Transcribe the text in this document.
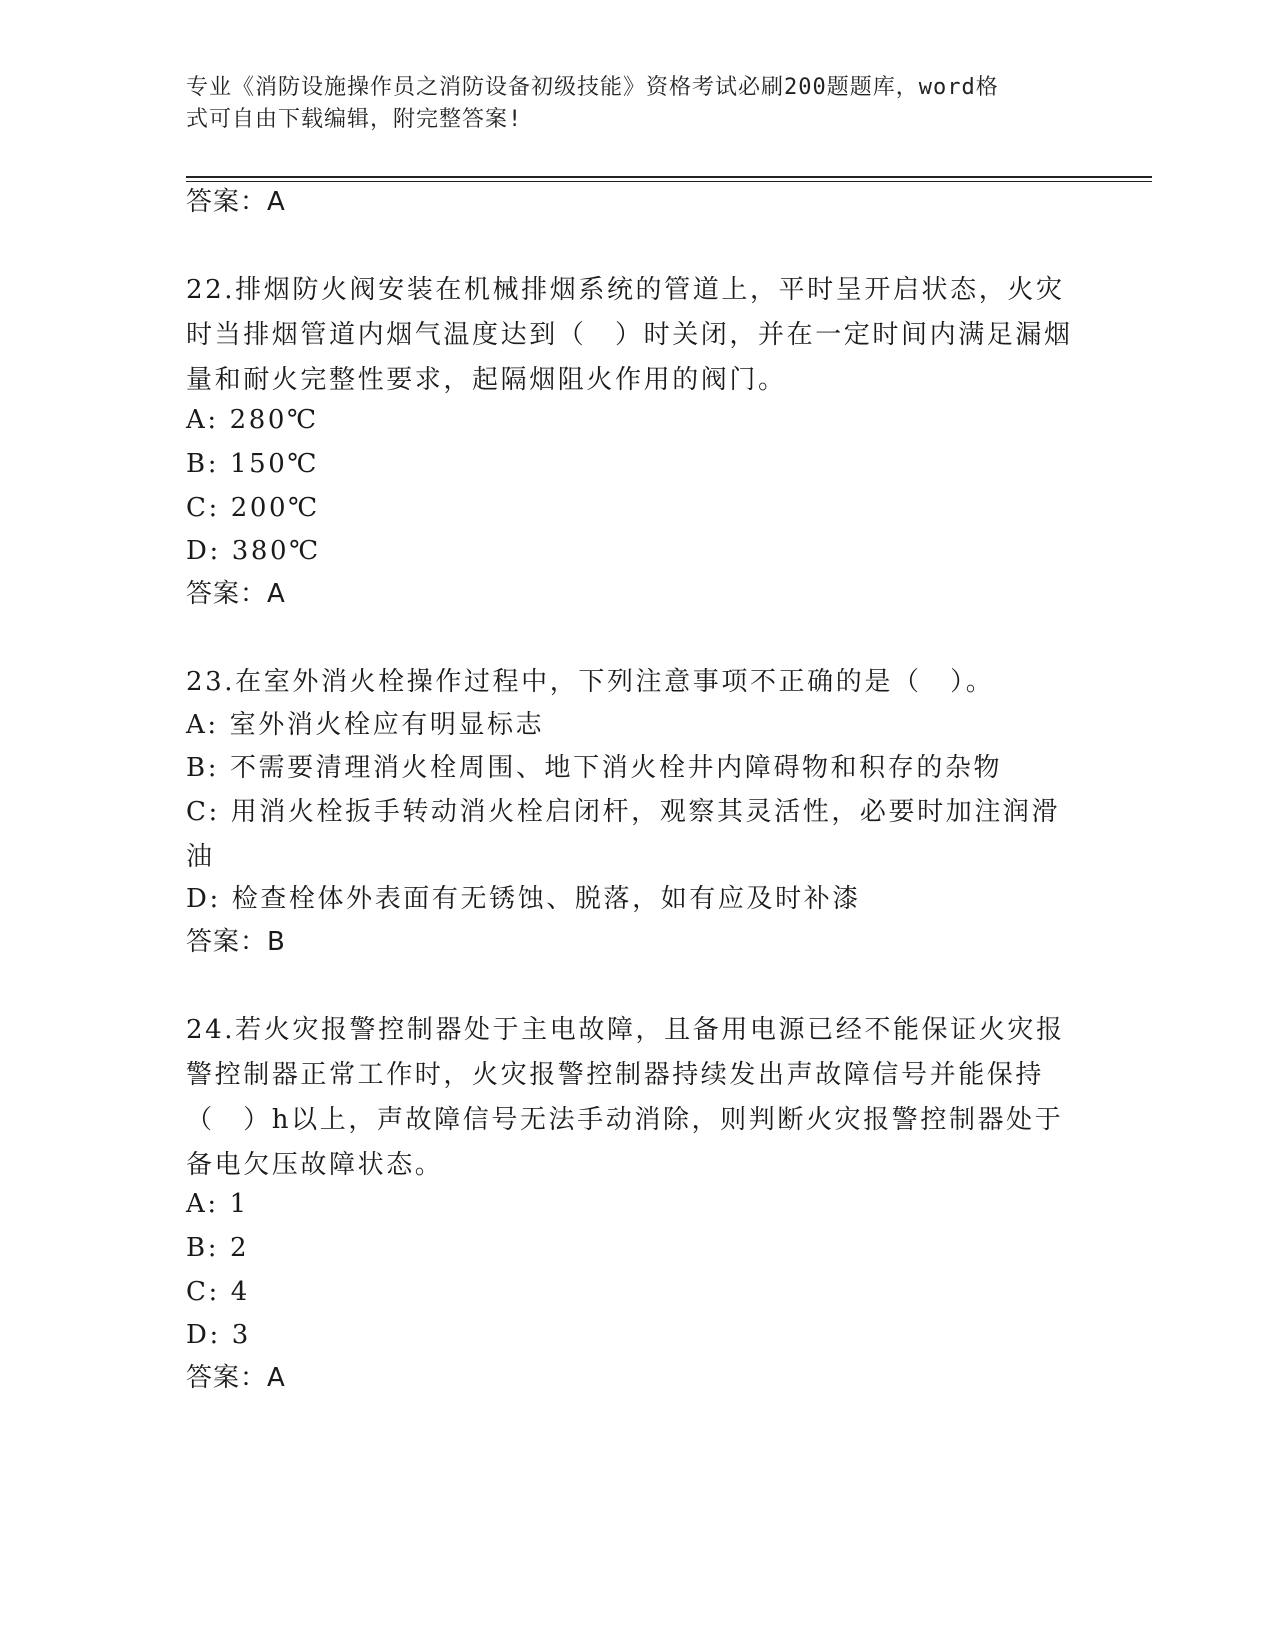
专业《消防设施操作员之消防设备初级技能》资格考试必刷200题题库，word格
式可自由下载编辑，附完整答案!
答案：A
22.排烟防火阀安装在机械排烟系统的管道上，平时呈开启状态，火灾时当排烟管道内烟气温度达到（　）时关闭，并在一定时间内满足漏烟量和耐火完整性要求，起隔烟阻火作用的阀门。
A: 280℃
B: 150℃
C: 200℃
D: 380℃
答案：A
23.在室外消火栓操作过程中，下列注意事项不正确的是（　）。
A: 室外消火栓应有明显标志
B: 不需要清理消火栓周围、地下消火栓井内障碍物和积存的杂物
C: 用消火栓扳手转动消火栓启闭杆，观察其灵活性，必要时加注润滑油
D: 检查栓体外表面有无锈蚀、脱落，如有应及时补漆
答案：B
24.若火灾报警控制器处于主电故障，且备用电源已经不能保证火灾报警控制器正常工作时，火灾报警控制器持续发出声故障信号并能保持（　）h以上，声故障信号无法手动消除，则判断火灾报警控制器处于备电欠压故障状态。
A: 1
B: 2
C: 4
D: 3
答案：A
